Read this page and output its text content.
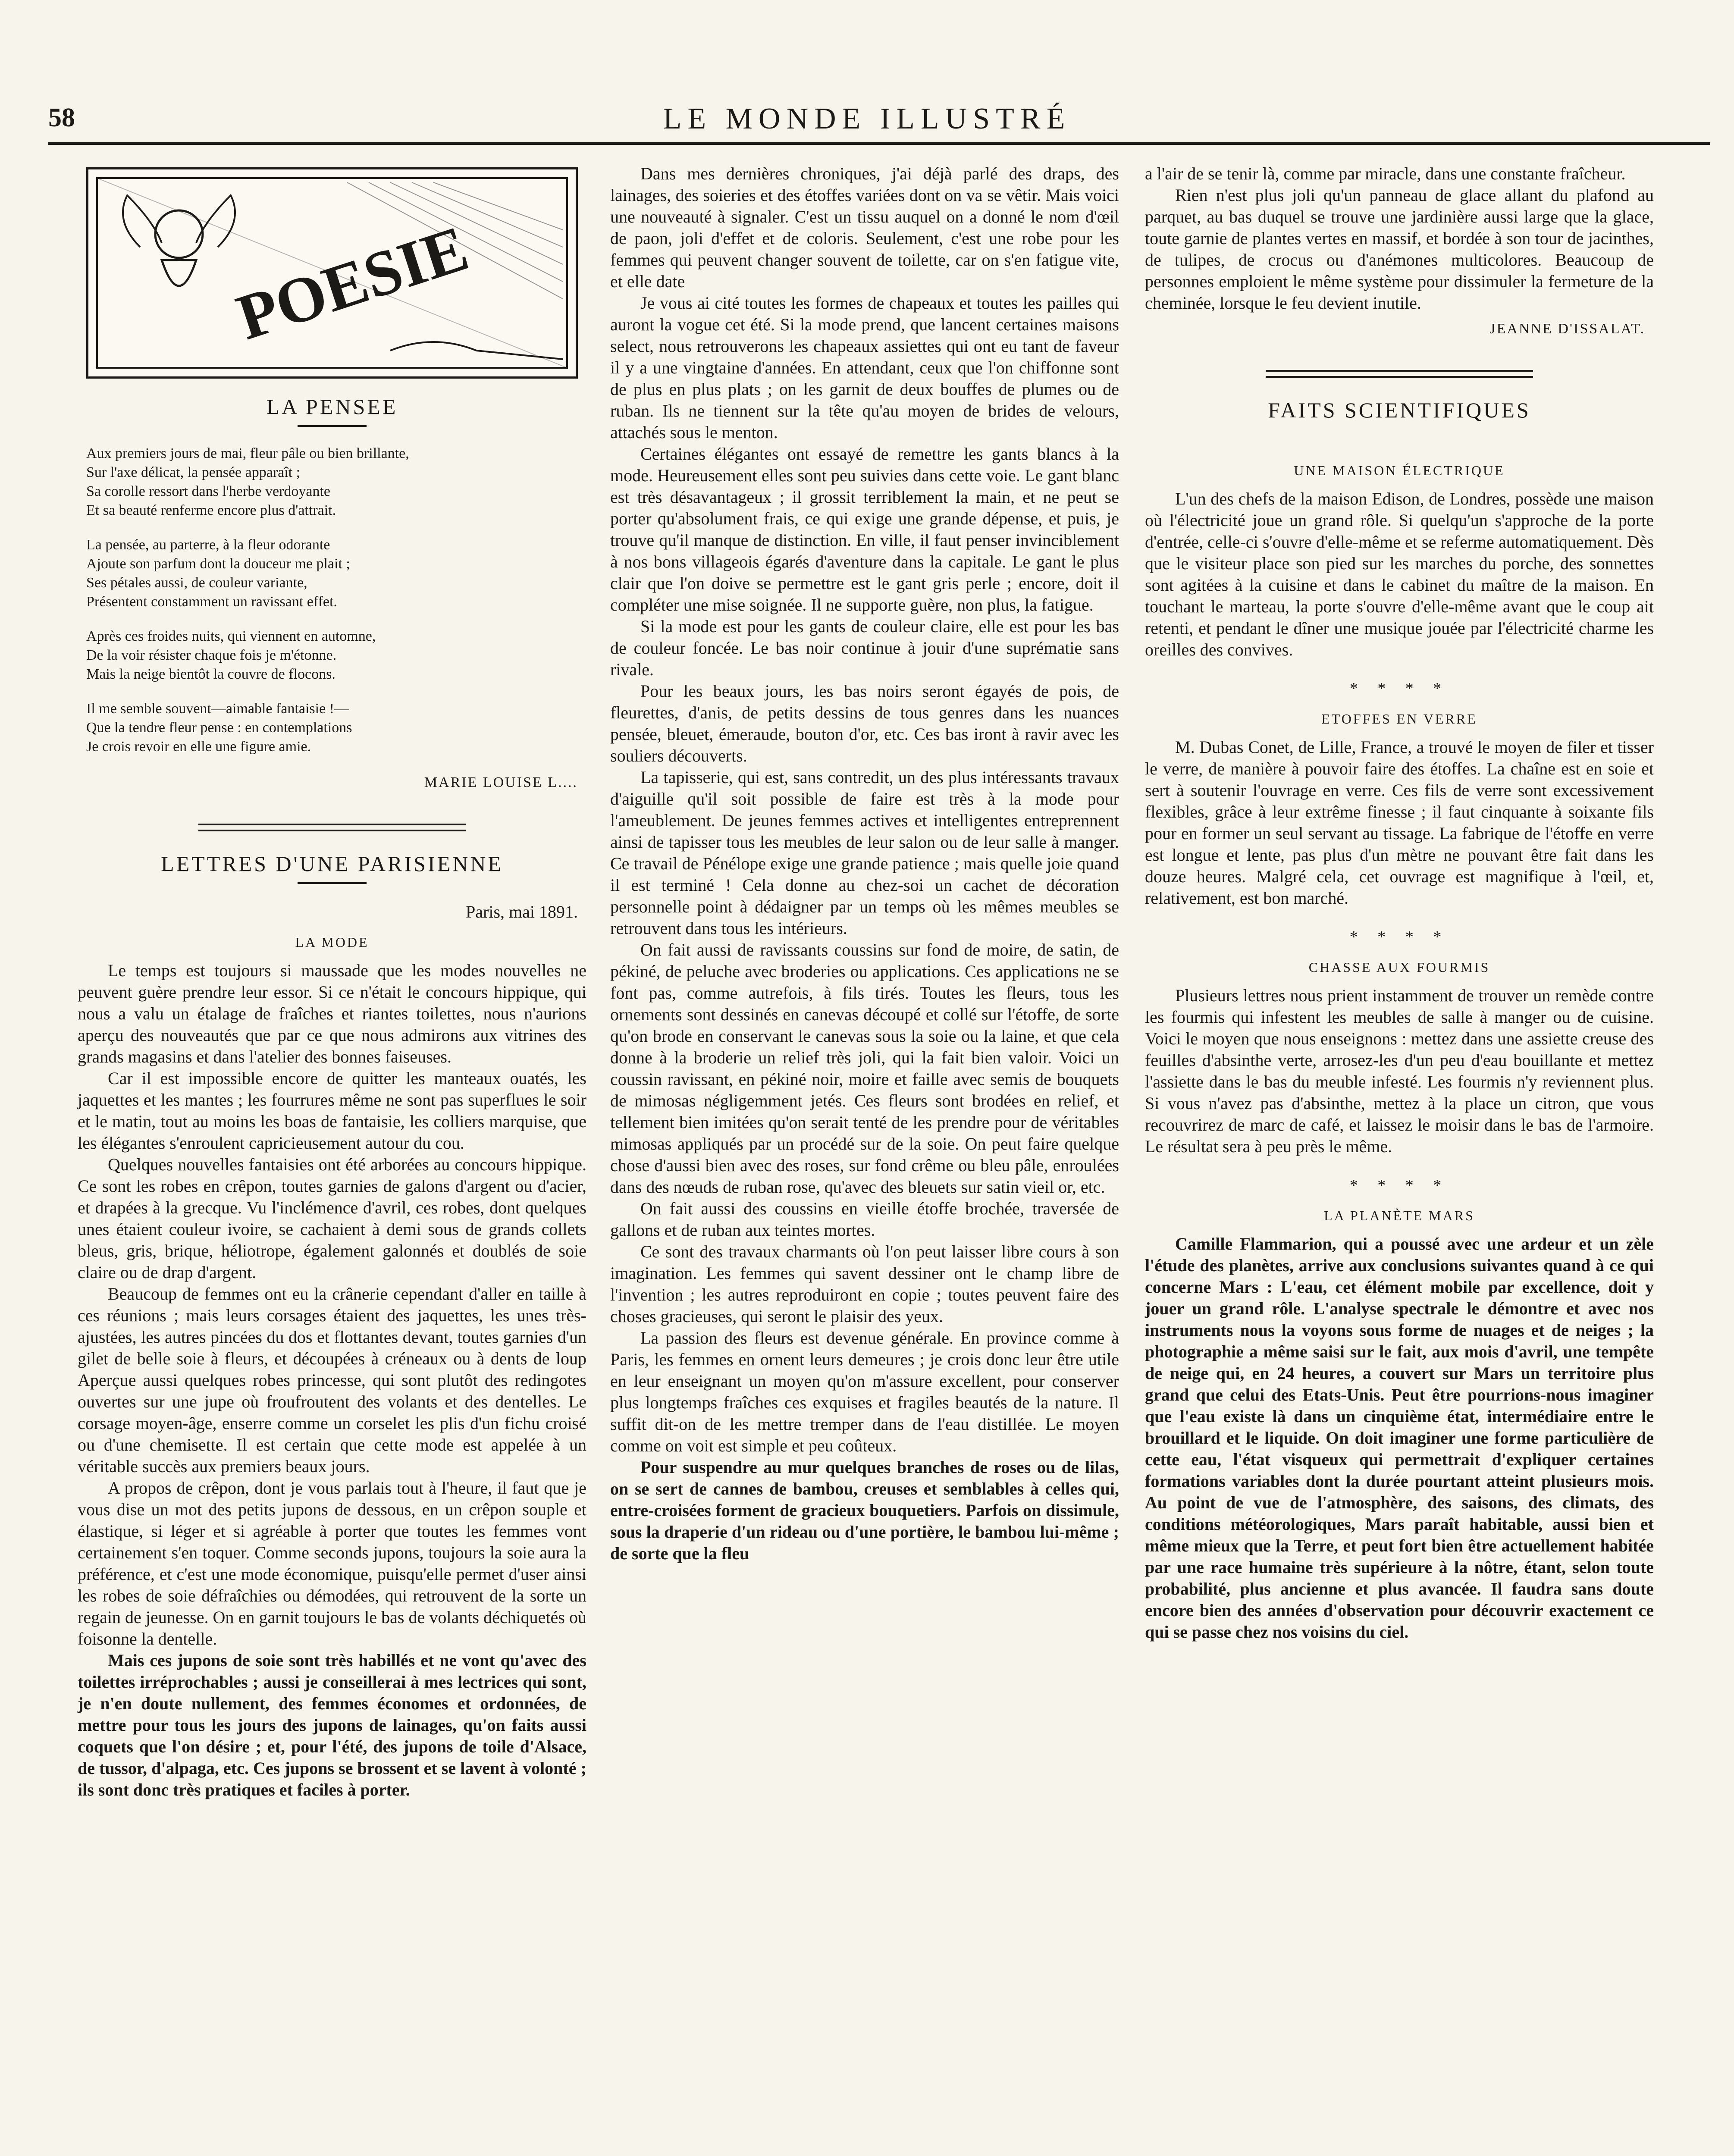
58	LE MONDE ILLUSTRÉ
POESIE
LA PENSEE
Aux premiers jours de mai, fleur pâle ou bien brillante,
Sur l'axe délicat, la pensée apparaît ;
Sa corolle ressort dans l'herbe verdoyante
Et sa beauté renferme encore plus d'attrait.
La pensée, au parterre, à la fleur odorante
Ajoute son parfum dont la douceur me plait ;
Ses pétales aussi, de couleur variante,
Présentent constamment un ravissant effet.
Après ces froides nuits, qui viennent en automne,
De la voir résister chaque fois je m'étonne.
Mais la neige bientôt la couvre de flocons.
Il me semble souvent—aimable fantaisie !—
Que la tendre fleur pense : en contemplations
Je crois revoir en elle une figure amie.
MARIE LOUISE L....
LETTRES D'UNE PARISIENNE
Paris, mai 1891.
LA MODE

Le temps est toujours si maussade que les modes nouvelles ne peuvent guère prendre leur essor. Si ce n'était le concours hippique, qui nous a valu un étalage de fraîches et riantes toilettes, nous n'aurions aperçu des nouveautés que par ce que nous admirons aux vitrines des grands magasins et dans l'atelier des bonnes faiseuses.

Car il est impossible encore de quitter les manteaux ouatés, les jaquettes et les mantes ; les fourrures même ne sont pas superflues le soir et le matin, tout au moins les boas de fantaisie, les colliers marquise, que les élégantes s'enroulent capricieusement autour du cou.

Quelques nouvelles fantaisies ont été arborées au concours hippique. Ce sont les robes en crêpon, toutes garnies de galons d'argent ou d'acier, et drapées à la grecque. Vu l'inclémence d'avril, ces robes, dont quelques unes étaient couleur ivoire, se cachaient à demi sous de grands collets bleus, gris, brique, héliotrope, également galonnés et doublés de soie claire ou de drap d'argent.

Beaucoup de femmes ont eu la crânerie cependant d'aller en taille à ces réunions ; mais leurs corsages étaient des jaquettes, les unes très-ajustées, les autres pincées du dos et flottantes devant, toutes garnies d'un gilet de belle soie à fleurs, et découpées à créneaux ou à dents de loup Aperçue aussi quelques robes princesse, qui sont plutôt des redingotes ouvertes sur une jupe où froufroutent des volants et des dentelles. Le corsage moyen-âge, enserre comme un corselet les plis d'un fichu croisé ou d'une chemisette. Il est certain que cette mode est appelée à un véritable succès aux premiers beaux jours.

A propos de crêpon, dont je vous parlais tout à l'heure, il faut que je vous dise un mot des petits jupons de dessous, en un crêpon souple et élastique, si léger et si agréable à porter que toutes les femmes vont certainement s'en toquer. Comme seconds jupons, toujours la soie aura la préférence, et c'est une mode économique, puisqu'elle permet d'user ainsi les robes de soie défraîchies ou démodées, qui retrouvent de la sorte un regain de jeunesse. On en garnit toujours le bas de volants déchiquetés où foisonne la dentelle.

Mais ces jupons de soie sont très habillés et ne vont qu'avec des toilettes irréprochables ; aussi je conseillerai à mes lectrices qui sont, je n'en doute nullement, des femmes économes et ordonnées, de mettre pour tous les jours des jupons de lainages, qu'on faits aussi coquets que l'on désire ; et, pour l'été, des jupons de toile d'Alsace, de tussor, d'alpaga, etc. Ces jupons se brossent et se lavent à volonté ; ils sont donc très pratiques et faciles à porter.

Dans mes dernières chroniques, j'ai déjà parlé des draps, des lainages, des soieries et des étoffes variées dont on va se vêtir. Mais voici une nouveauté à signaler. C'est un tissu auquel on a donné le nom d'œil de paon, joli d'effet et de coloris. Seulement, c'est une robe pour les femmes qui peuvent changer souvent de toilette, car on s'en fatigue vite, et elle date

Je vous ai cité toutes les formes de chapeaux et toutes les pailles qui auront la vogue cet été. Si la mode prend, que lancent certaines maisons select, nous retrouverons les chapeaux assiettes qui ont eu tant de faveur il y a une vingtaine d'années. En attendant, ceux que l'on chiffonne sont de plus en plus plats ; on les garnit de deux bouffes de plumes ou de ruban. Ils ne tiennent sur la tête qu'au moyen de brides de velours, attachés sous le menton.

Certaines élégantes ont essayé de remettre les gants blancs à la mode. Heureusement elles sont peu suivies dans cette voie. Le gant blanc est très désavantageux ; il grossit terriblement la main, et ne peut se porter qu'absolument frais, ce qui exige une grande dépense, et puis, je trouve qu'il manque de distinction. En ville, il faut penser invinciblement à nos bons villageois égarés d'aventure dans la capitale. Le gant le plus clair que l'on doive se permettre est le gant gris perle ; encore, doit il compléter une mise soignée. Il ne supporte guère, non plus, la fatigue.

Si la mode est pour les gants de couleur claire, elle est pour les bas de couleur foncée. Le bas noir continue à jouir d'une suprématie sans rivale.

Pour les beaux jours, les bas noirs seront égayés de pois, de fleurettes, d'anis, de petits dessins de tous genres dans les nuances pensée, bleuet, émeraude, bouton d'or, etc. Ces bas iront à ravir avec les souliers découverts.

La tapisserie, qui est, sans contredit, un des plus intéressants travaux d'aiguille qu'il soit possible de faire est très à la mode pour l'ameublement. De jeunes femmes actives et intelligentes entreprennent ainsi de tapisser tous les meubles de leur salon ou de leur salle à manger. Ce travail de Pénélope exige une grande patience ; mais quelle joie quand il est terminé ! Cela donne au chez-soi un cachet de décoration personnelle point à dédaigner par un temps où les mêmes meubles se retrouvent dans tous les intérieurs.

On fait aussi de ravissants coussins sur fond de moire, de satin, de pékiné, de peluche avec broderies ou applications. Ces applications ne se font pas, comme autrefois, à fils tirés. Toutes les fleurs, tous les ornements sont dessinés en canevas découpé et collé sur l'étoffe, de sorte qu'on brode en conservant le canevas sous la soie ou la laine, et que cela donne à la broderie un relief très joli, qui la fait bien valoir. Voici un coussin ravissant, en pékiné noir, moire et faille avec semis de bouquets de mimosas négligemment jetés. Ces fleurs sont brodées en relief, et tellement bien imitées qu'on serait tenté de les prendre pour de véritables mimosas appliqués par un procédé sur de la soie. On peut faire quelque chose d'aussi bien avec des roses, sur fond crême ou bleu pâle, enroulées dans des nœuds de ruban rose, qu'avec des bleuets sur satin vieil or, etc.

On fait aussi des coussins en vieille étoffe brochée, traversée de gallons et de ruban aux teintes mortes.

Ce sont des travaux charmants où l'on peut laisser libre cours à son imagination. Les femmes qui savent dessiner ont le champ libre de l'invention ; les autres reproduiront en copie ; toutes peuvent faire des choses gracieuses, qui seront le plaisir des yeux.

La passion des fleurs est devenue générale. En province comme à Paris, les femmes en ornent leurs demeures ; je crois donc leur être utile en leur enseignant un moyen qu'on m'assure excellent, pour conserver plus longtemps fraîches ces exquises et fragiles beautés de la nature. Il suffit dit-on de les mettre tremper dans de l'eau distillée. Le moyen comme on voit est simple et peu coûteux.

Pour suspendre au mur quelques branches de roses ou de lilas, on se sert de cannes de bambou, creuses et semblables à celles qui, entre-croisées forment de gracieux bouquetiers. Parfois on dissimule, sous la draperie d'un rideau ou d'une portière, le bambou lui-même ; de sorte que la fleu

a l'air de se tenir là, comme par miracle, dans une constante fraîcheur.

Rien n'est plus joli qu'un panneau de glace allant du plafond au parquet, au bas duquel se trouve une jardinière aussi large que la glace, toute garnie de plantes vertes en massif, et bordée à son tour de jacinthes, de tulipes, de crocus ou d'anémones multicolores. Beaucoup de personnes emploient le même système pour dissimuler la fermeture de la cheminée, lorsque le feu devient inutile.

JEANNE D'ISSALAT.
FAITS SCIENTIFIQUES
UNE MAISON ÉLECTRIQUE

L'un des chefs de la maison Edison, de Londres, possède une maison où l'électricité joue un grand rôle. Si quelqu'un s'approche de la porte d'entrée, celle-ci s'ouvre d'elle-même et se referme automatiquement. Dès que le visiteur place son pied sur les marches du porche, des sonnettes sont agitées à la cuisine et dans le cabinet du maître de la maison. En touchant le marteau, la porte s'ouvre d'elle-même avant que le coup ait retenti, et pendant le dîner une musique jouée par l'électricité charme les oreilles des convives.

* * * *
ETOFFES EN VERRE

M. Dubas Conet, de Lille, France, a trouvé le moyen de filer et tisser le verre, de manière à pouvoir faire des étoffes. La chaîne est en soie et sert à soutenir l'ouvrage en verre. Ces fils de verre sont excessivement flexibles, grâce à leur extrême finesse ; il faut cinquante à soixante fils pour en former un seul servant au tissage. La fabrique de l'étoffe en verre est longue et lente, pas plus d'un mètre ne pouvant être fait dans les douze heures. Malgré cela, cet ouvrage est magnifique à l'œil, et, relativement, est bon marché.

* * * *
CHASSE AUX FOURMIS

Plusieurs lettres nous prient instamment de trouver un remède contre les fourmis qui infestent les meubles de salle à manger ou de cuisine. Voici le moyen que nous enseignons : mettez dans une assiette creuse des feuilles d'absinthe verte, arrosez-les d'un peu d'eau bouillante et mettez l'assiette dans le bas du meuble infesté. Les fourmis n'y reviennent plus. Si vous n'avez pas d'absinthe, mettez à la place un citron, que vous recouvrirez de marc de café, et laissez le moisir dans le bas de l'armoire. Le résultat sera à peu près le même.

* * * *
LA PLANÈTE MARS

Camille Flammarion, qui a poussé avec une ardeur et un zèle l'étude des planètes, arrive aux conclusions suivantes quand à ce qui concerne Mars : L'eau, cet élément mobile par excellence, doit y jouer un grand rôle. L'analyse spectrale le démontre et avec nos instruments nous la voyons sous forme de nuages et de neiges ; la photographie a même saisi sur le fait, aux mois d'avril, une tempête de neige qui, en 24 heures, a couvert sur Mars un territoire plus grand que celui des Etats-Unis. Peut être pourrions-nous imaginer que l'eau existe là dans un cinquième état, intermédiaire entre le brouillard et le liquide. On doit imaginer une forme particulière de cette eau, l'état visqueux qui permettrait d'expliquer certaines formations variables dont la durée pourtant atteint plusieurs mois. Au point de vue de l'atmosphère, des saisons, des climats, des conditions météorologiques, Mars paraît habitable, aussi bien et même mieux que la Terre, et peut fort bien être actuellement habitée par une race humaine très supérieure à la nôtre, étant, selon toute probabilité, plus ancienne et plus avancée. Il faudra sans doute encore bien des années d'observation pour découvrir exactement ce qui se passe chez nos voisins du ciel.
